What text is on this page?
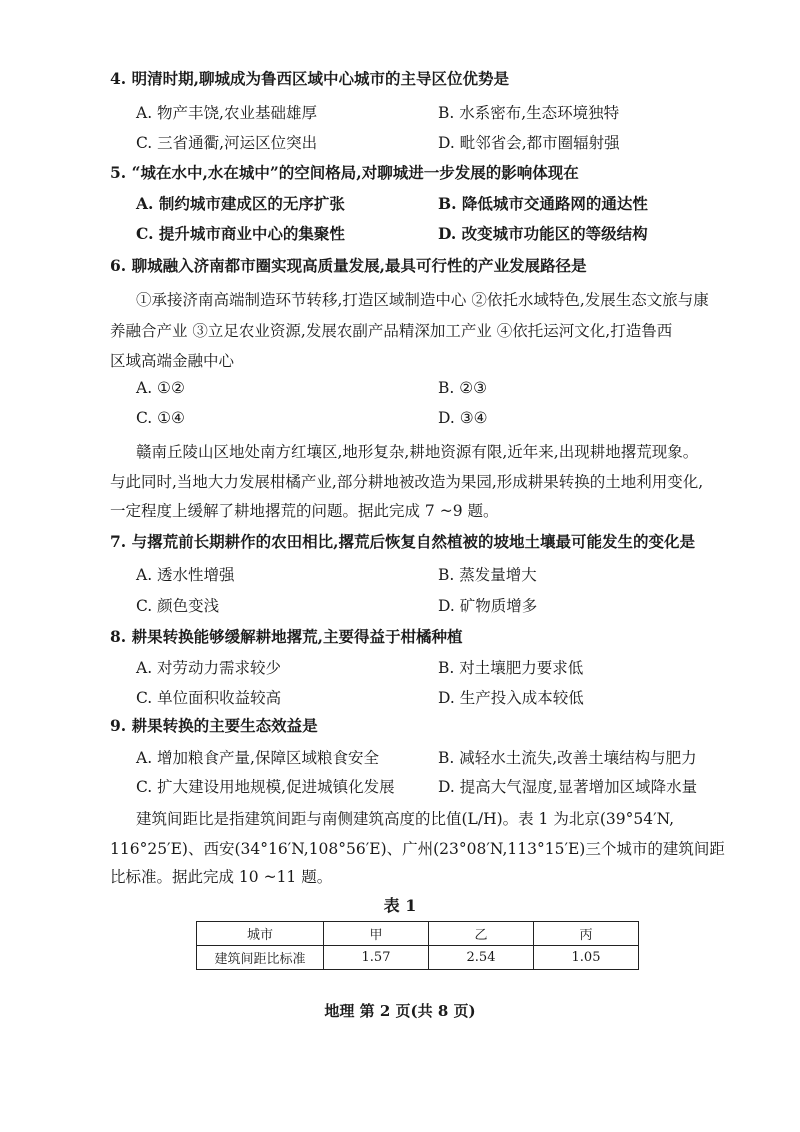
4. 明清时期,聊城成为鲁西区域中心城市的主导区位优势是
A. 物产丰饶,农业基础雄厚	B. 水系密布,生态环境独特
C. 三省通衢,河运区位突出	D. 毗邻省会,都市圈辐射强
5. “城在水中,水在城中”的空间格局,对聊城进一步发展的影响体现在
A. 制约城市建成区的无序扩张	B. 降低城市交通路网的通达性
C. 提升城市商业中心的集聚性	D. 改变城市功能区的等级结构
6. 聊城融入济南都市圈实现高质量发展,最具可行性的产业发展路径是
①承接济南高端制造环节转移,打造区域制造中心 ②依托水域特色,发展生态文旅与康
养融合产业 ③立足农业资源,发展农副产品精深加工产业 ④依托运河文化,打造鲁西
区域高端金融中心
A. ①②	B. ②③
C. ①④	D. ③④
赣南丘陵山区地处南方红壤区,地形复杂,耕地资源有限,近年来,出现耕地撂荒现象。
与此同时,当地大力发展柑橘产业,部分耕地被改造为果园,形成耕果转换的土地利用变化,
一定程度上缓解了耕地撂荒的问题。据此完成 7 ~9 题。
7. 与撂荒前长期耕作的农田相比,撂荒后恢复自然植被的坡地土壤最可能发生的变化是
A. 透水性增强	B. 蒸发量增大
C. 颜色变浅	D. 矿物质增多
8. 耕果转换能够缓解耕地撂荒,主要得益于柑橘种植
A. 对劳动力需求较少	B. 对土壤肥力要求低
C. 单位面积收益较高	D. 生产投入成本较低
9. 耕果转换的主要生态效益是
A. 增加粮食产量,保障区域粮食安全	B. 减轻水土流失,改善土壤结构与肥力
C. 扩大建设用地规模,促进城镇化发展	D. 提高大气湿度,显著增加区域降水量
建筑间距比是指建筑间距与南侧建筑高度的比值(L/H)。表 1 为北京(39°54′N,
116°25′E)、西安(34°16′N,108°56′E)、广州(23°08′N,113°15′E)三个城市的建筑间距
比标准。据此完成 10 ~11 题。
表 1
城市	甲	乙	丙
建筑间距比标准	1.57	2.54	1.05
地理 第 2 页(共 8 页)
